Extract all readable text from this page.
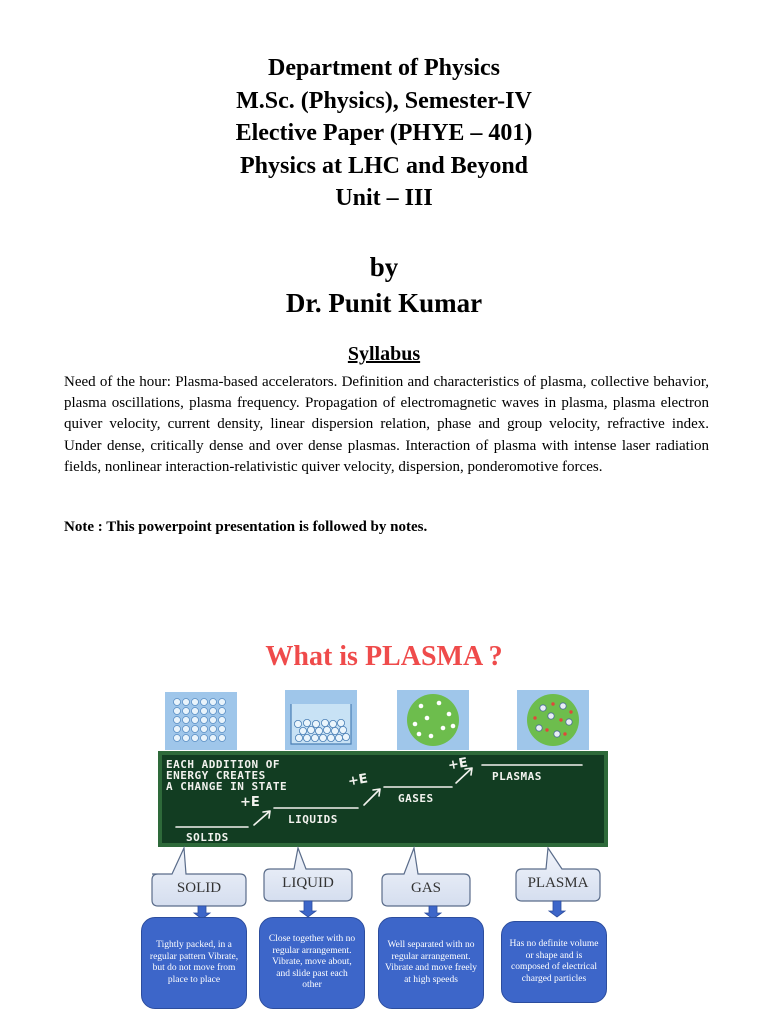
Department of Physics
M.Sc. (Physics), Semester-IV
Elective Paper (PHYE – 401)
Physics at LHC and Beyond
Unit – III
by
Dr. Punit Kumar
Syllabus
Need of the hour: Plasma-based accelerators. Definition and characteristics of plasma, collective behavior, plasma oscillations, plasma frequency. Propagation of electromagnetic waves in plasma, plasma electron quiver velocity, current density, linear dispersion relation, phase and group velocity, refractive index. Under dense, critically dense and over dense plasmas. Interaction of plasma with intense laser radiation fields, nonlinear interaction-relativistic quiver velocity, dispersion, ponderomotive forces.
Note : This powerpoint presentation is followed by notes.
What is PLASMA ?
EACH ADDITION OF
ENERGY CREATES
A CHANGE IN STATE
SOLIDS
LIQUIDS
GASES
PLASMAS
+E
+E
+E
SOLID	LIQUID	GAS	PLASMA
Tightly packed, in a regular pattern Vibrate, but do not move from place to place
Close together with no regular arrangement. Vibrate, move about, and slide past each other
Well separated with no regular arrangement. Vibrate and move freely at high speeds
Has no definite volume or shape and is composed of electrical charged particles
